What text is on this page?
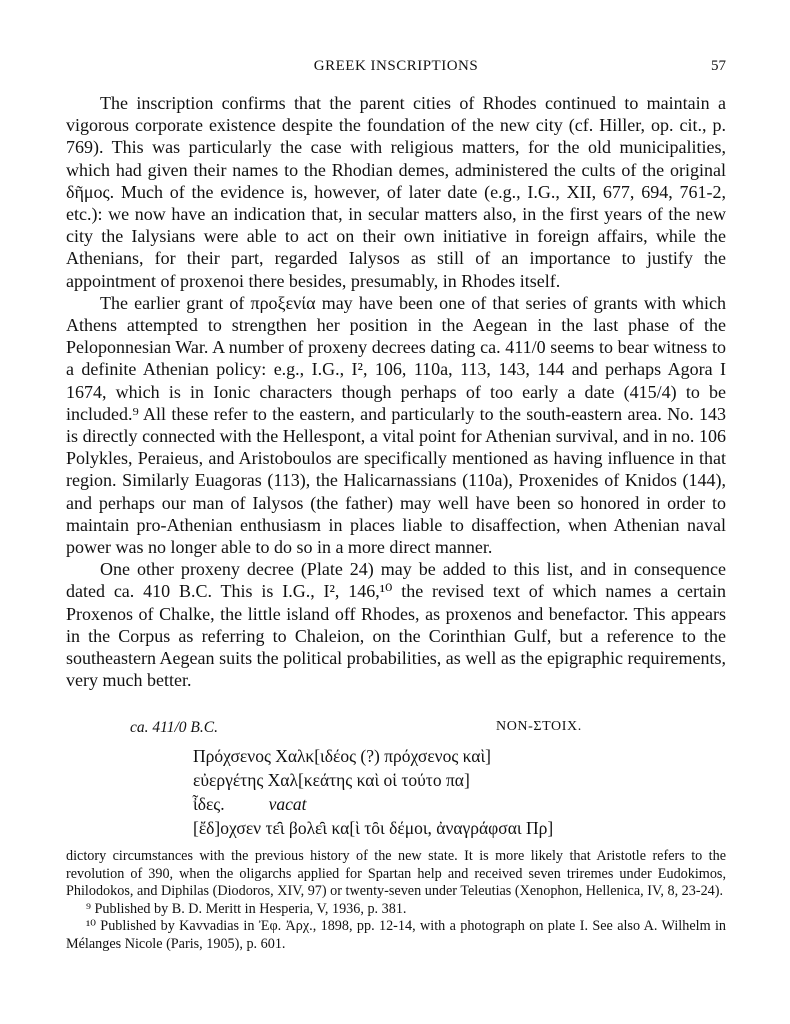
GREEK INSCRIPTIONS	57

The inscription confirms that the parent cities of Rhodes continued to maintain a vigorous corporate existence despite the foundation of the new city (cf. Hiller, op. cit., p. 769). This was particularly the case with religious matters, for the old municipalities, which had given their names to the Rhodian demes, administered the cults of the original δῆμος. Much of the evidence is, however, of later date (e.g., I.G., XII, 677, 694, 761-2, etc.): we now have an indication that, in secular matters also, in the first years of the new city the Ialysians were able to act on their own initiative in foreign affairs, while the Athenians, for their part, regarded Ialysos as still of an importance to justify the appointment of proxenoi there besides, presumably, in Rhodes itself.

The earlier grant of προξενία may have been one of that series of grants with which Athens attempted to strengthen her position in the Aegean in the last phase of the Peloponnesian War. A number of proxeny decrees dating ca. 411/0 seems to bear witness to a definite Athenian policy: e.g., I.G., I², 106, 110a, 113, 143, 144 and perhaps Agora I 1674, which is in Ionic characters though perhaps of too early a date (415/4) to be included.⁹ All these refer to the eastern, and particularly to the south-eastern area. No. 143 is directly connected with the Hellespont, a vital point for Athenian survival, and in no. 106 Polykles, Peraieus, and Aristoboulos are specifically mentioned as having influence in that region. Similarly Euagoras (113), the Halicarnassians (110a), Proxenides of Knidos (144), and perhaps our man of Ialysos (the father) may well have been so honored in order to maintain pro-Athenian enthusiasm in places liable to disaffection, when Athenian naval power was no longer able to do so in a more direct manner.

One other proxeny decree (Plate 24) may be added to this list, and in consequence dated ca. 410 B.C. This is I.G., I², 146,¹⁰ the revised text of which names a certain Proxenos of Chalke, the little island off Rhodes, as proxenos and benefactor. This appears in the Corpus as referring to Chaleion, on the Corinthian Gulf, but a reference to the southeastern Aegean suits the political probabilities, as well as the epigraphic requirements, very much better.

ca. 411/0 B.C.	NON-ΣΤΟΙΧ.
Πρόχσενος Χαλκ[ιδέος (?) πρόχσενος καὶ]
εὐεργέτης Χαλ[κεάτης καὶ οἱ τούτο πα]
ἶδες.	vacat
[ἔδ]οχσεν τε̑ι βολε̑ι κα[ὶ τȏι δέμοι, ἀναγράφσαι Πρ]

dictory circumstances with the previous history of the new state. It is more likely that Aristotle refers to the revolution of 390, when the oligarchs applied for Spartan help and received seven triremes under Eudokimos, Philodokos, and Diphilas (Diodoros, XIV, 97) or twenty-seven under Teleutias (Xenophon, Hellenica, IV, 8, 23-24).

⁹ Published by B. D. Meritt in Hesperia, V, 1936, p. 381.

¹⁰ Published by Kavvadias in Ἐφ. Ἀρχ., 1898, pp. 12-14, with a photograph on plate I. See also A. Wilhelm in Mélanges Nicole (Paris, 1905), p. 601.
